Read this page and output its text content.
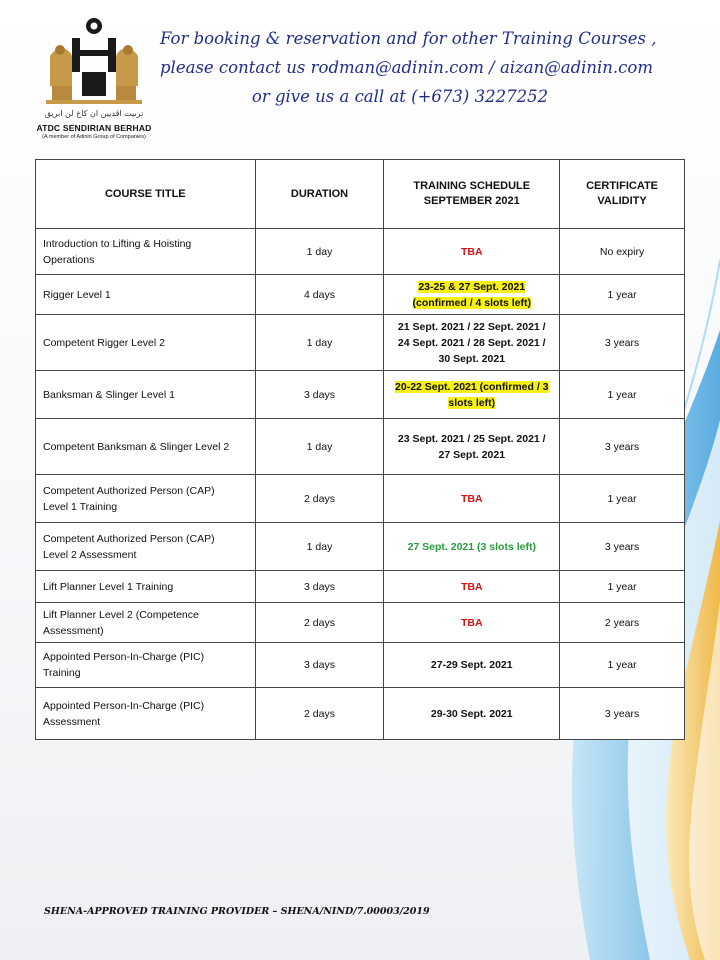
ترىيت اڤديبن ان کاخ لن ابريق
ATDC SENDIRIAN BERHAD
(A member of Adinin Group of Companies)
For booking & reservation and for other Training Courses ,
please contact us rodman@adinin.com / aizan@adinin.com
or give us a call at (+673) 3227252
COURSE TITLE	DURATION	TRAINING SCHEDULE
SEPTEMBER 2021	CERTIFICATE
VALIDITY
Introduction to Lifting & Hoisting
Operations	1 day	TBA	No expiry
Rigger Level 1	4 days	23-25 & 27 Sept. 2021
(confirmed / 4 slots left)	1 year
Competent Rigger Level 2	1 day	21 Sept. 2021 / 22 Sept. 2021 /
24 Sept. 2021 / 28 Sept. 2021 /
30 Sept. 2021	3 years
Banksman & Slinger Level 1	3 days	20-22 Sept. 2021 (confirmed / 3
slots left)	1 year
Competent Banksman & Slinger Level 2	1 day	23 Sept. 2021 / 25 Sept. 2021 /
27 Sept. 2021	3 years
Competent Authorized Person (CAP)
Level 1 Training	2 days	TBA	1 year
Competent Authorized Person (CAP)
Level 2 Assessment	1 day	27 Sept. 2021 (3 slots left)	3 years
Lift Planner Level 1 Training	3 days	TBA	1 year
Lift Planner Level 2 (Competence
Assessment)	2 days	TBA	2 years
Appointed Person-In-Charge (PIC)
Training	3 days	27-29 Sept. 2021	1 year
Appointed Person-In-Charge (PIC)
Assessment	2 days	29-30 Sept. 2021	3 years
SHENA-APPROVED TRAINING PROVIDER – SHENA/NIND/7.00003/2019
